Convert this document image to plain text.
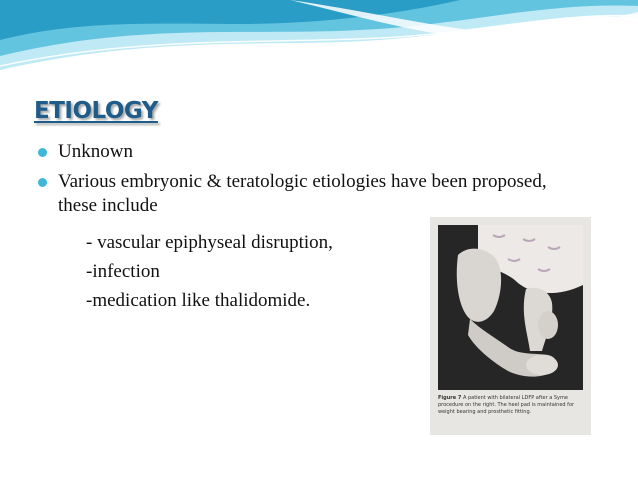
ETIOLOGY
Unknown
Various embryonic & teratologic etiologies have been proposed, these include
- vascular epiphyseal disruption,
-infection
-medication like thalidomide.
Figure 7 A patient with bilateral LDFP after a Syme procedure on the right. The heel pad is maintained for weight bearing and prosthetic fitting.
